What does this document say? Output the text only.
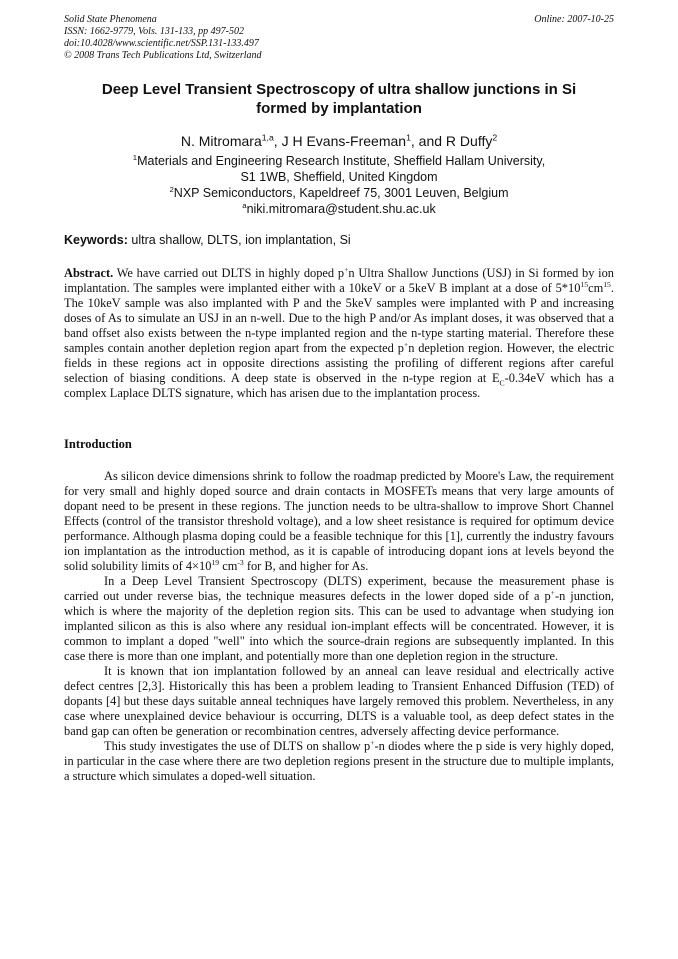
Solid State Phenomena
ISSN: 1662-9779, Vols. 131-133, pp 497-502
doi:10.4028/www.scientific.net/SSP.131-133.497
© 2008 Trans Tech Publications Ltd, Switzerland
Online: 2007-10-25
Deep Level Transient Spectroscopy of ultra shallow junctions in Si
formed by implantation
N. Mitromara$^{1,a}$, J H Evans-Freeman$^1$, and R Duffy$^2$
$^1$Materials and Engineering Research Institute, Sheffield Hallam University,
S1 1WB, Sheffield, United Kingdom
$^2$NXP Semiconductors, Kapeldreef 75, 3001 Leuven, Belgium
$^a$niki.mitromara@student.shu.ac.uk
Keywords: ultra shallow, DLTS, ion implantation, Si

Abstract. We have carried out DLTS in highly doped p+n Ultra Shallow Junctions (USJ) in Si formed by ion implantation. The samples were implanted either with a 10keV or a 5keV B implant at a dose of $5*10^{15}cm^{15}$. The 10keV sample was also implanted with P and the 5keV samples were implanted with P and increasing doses of As to simulate an USJ in an n-well. Due to the high P and/or As implant doses, it was observed that a band offset also exists between the n-type implanted region and the n-type starting material. Therefore these samples contain another depletion region apart from the expected p+n depletion region. However, the electric fields in these regions act in opposite directions assisting the profiling of different regions after careful selection of biasing conditions. A deep state is observed in the n-type region at $E_C-0.34eV$ which has a complex Laplace DLTS signature, which has arisen due to the implantation process.

Introduction

As silicon device dimensions shrink to follow the roadmap predicted by Moore's Law, the requirement for very small and highly doped source and drain contacts in MOSFETs means that very large amounts of dopant need to be present in these regions. The junction needs to be ultra-shallow to improve Short Channel Effects (control of the transistor threshold voltage), and a low sheet resistance is required for optimum device performance. Although plasma doping could be a feasible technique for this [1], currently the industry favours ion implantation as the introduction method, as it is capable of introducing dopant ions at levels beyond the solid solubility limits of $4\times 10^{19}$ $cm^{-3}$ for B, and higher for As.

In a Deep Level Transient Spectroscopy (DLTS) experiment, because the measurement phase is carried out under reverse bias, the technique measures defects in the lower doped side of a p+-n junction, which is where the majority of the depletion region sits. This can be used to advantage when studying ion implanted silicon as this is also where any residual ion-implant effects will be concentrated. However, it is common to implant a doped "well" into which the source-drain regions are subsequently implanted. In this case there is more than one implant, and potentially more than one depletion region in the structure.

It is known that ion implantation followed by an anneal can leave residual and electrically active defect centres [2,3]. Historically this has been a problem leading to Transient Enhanced Diffusion (TED) of dopants [4] but these days suitable anneal techniques have largely removed this problem. Nevertheless, in any case where unexplained device behaviour is occurring, DLTS is a valuable tool, as deep defect states in the band gap can often be generation or recombination centres, adversely affecting device performance.

This study investigates the use of DLTS on shallow p+-n diodes where the p side is very highly doped, in particular in the case where there are two depletion regions present in the structure due to multiple implants, a structure which simulates a doped-well situation.
